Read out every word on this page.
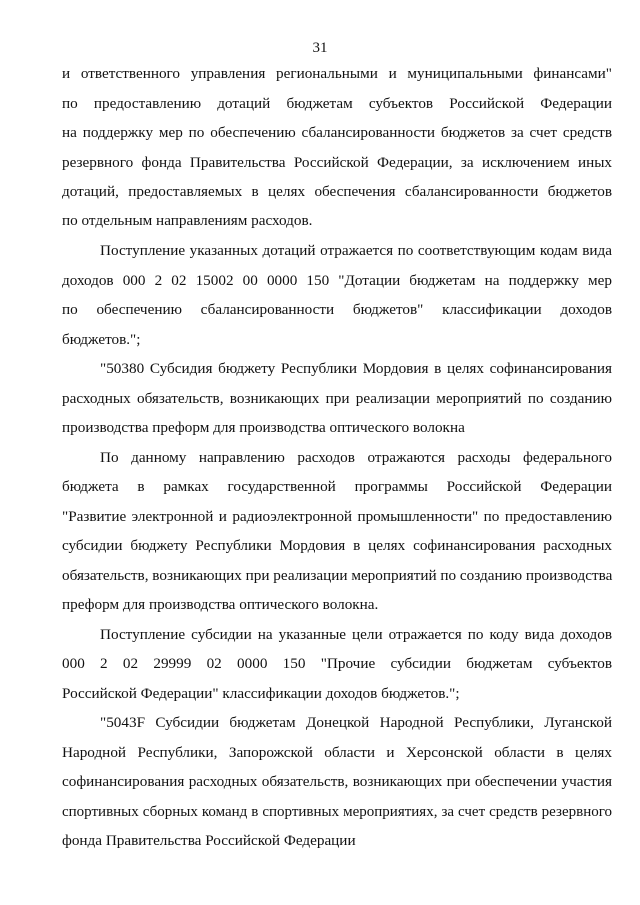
31
и ответственного управления региональными и муниципальными финансами"
по предоставлению дотаций бюджетам субъектов Российской Федерации
на поддержку мер по обеспечению сбалансированности бюджетов за счет средств
резервного фонда Правительства Российской Федерации, за исключением иных
дотаций, предоставляемых в целях обеспечения сбалансированности бюджетов
по отдельным направлениям расходов.
Поступление указанных дотаций отражается по соответствующим кодам вида
доходов 000 2 02 15002 00 0000 150 "Дотации бюджетам на поддержку мер
по обеспечению сбалансированности бюджетов" классификации доходов
бюджетов.";
"50380 Субсидия бюджету Республики Мордовия в целях софинансирования
расходных обязательств, возникающих при реализации мероприятий по созданию
производства преформ для производства оптического волокна
По данному направлению расходов отражаются расходы федерального
бюджета в рамках государственной программы Российской Федерации
"Развитие электронной и радиоэлектронной промышленности" по предоставлению
субсидии бюджету Республики Мордовия в целях софинансирования расходных
обязательств, возникающих при реализации мероприятий по созданию производства
преформ для производства оптического волокна.
Поступление субсидии на указанные цели отражается по коду вида доходов
000 2 02 29999 02 0000 150 "Прочие субсидии бюджетам субъектов
Российской Федерации" классификации доходов бюджетов.";
"5043F Субсидии бюджетам Донецкой Народной Республики, Луганской
Народной Республики, Запорожской области и Херсонской области в целях
софинансирования расходных обязательств, возникающих при обеспечении участия
спортивных сборных команд в спортивных мероприятиях, за счет средств резервного
фонда Правительства Российской Федерации
